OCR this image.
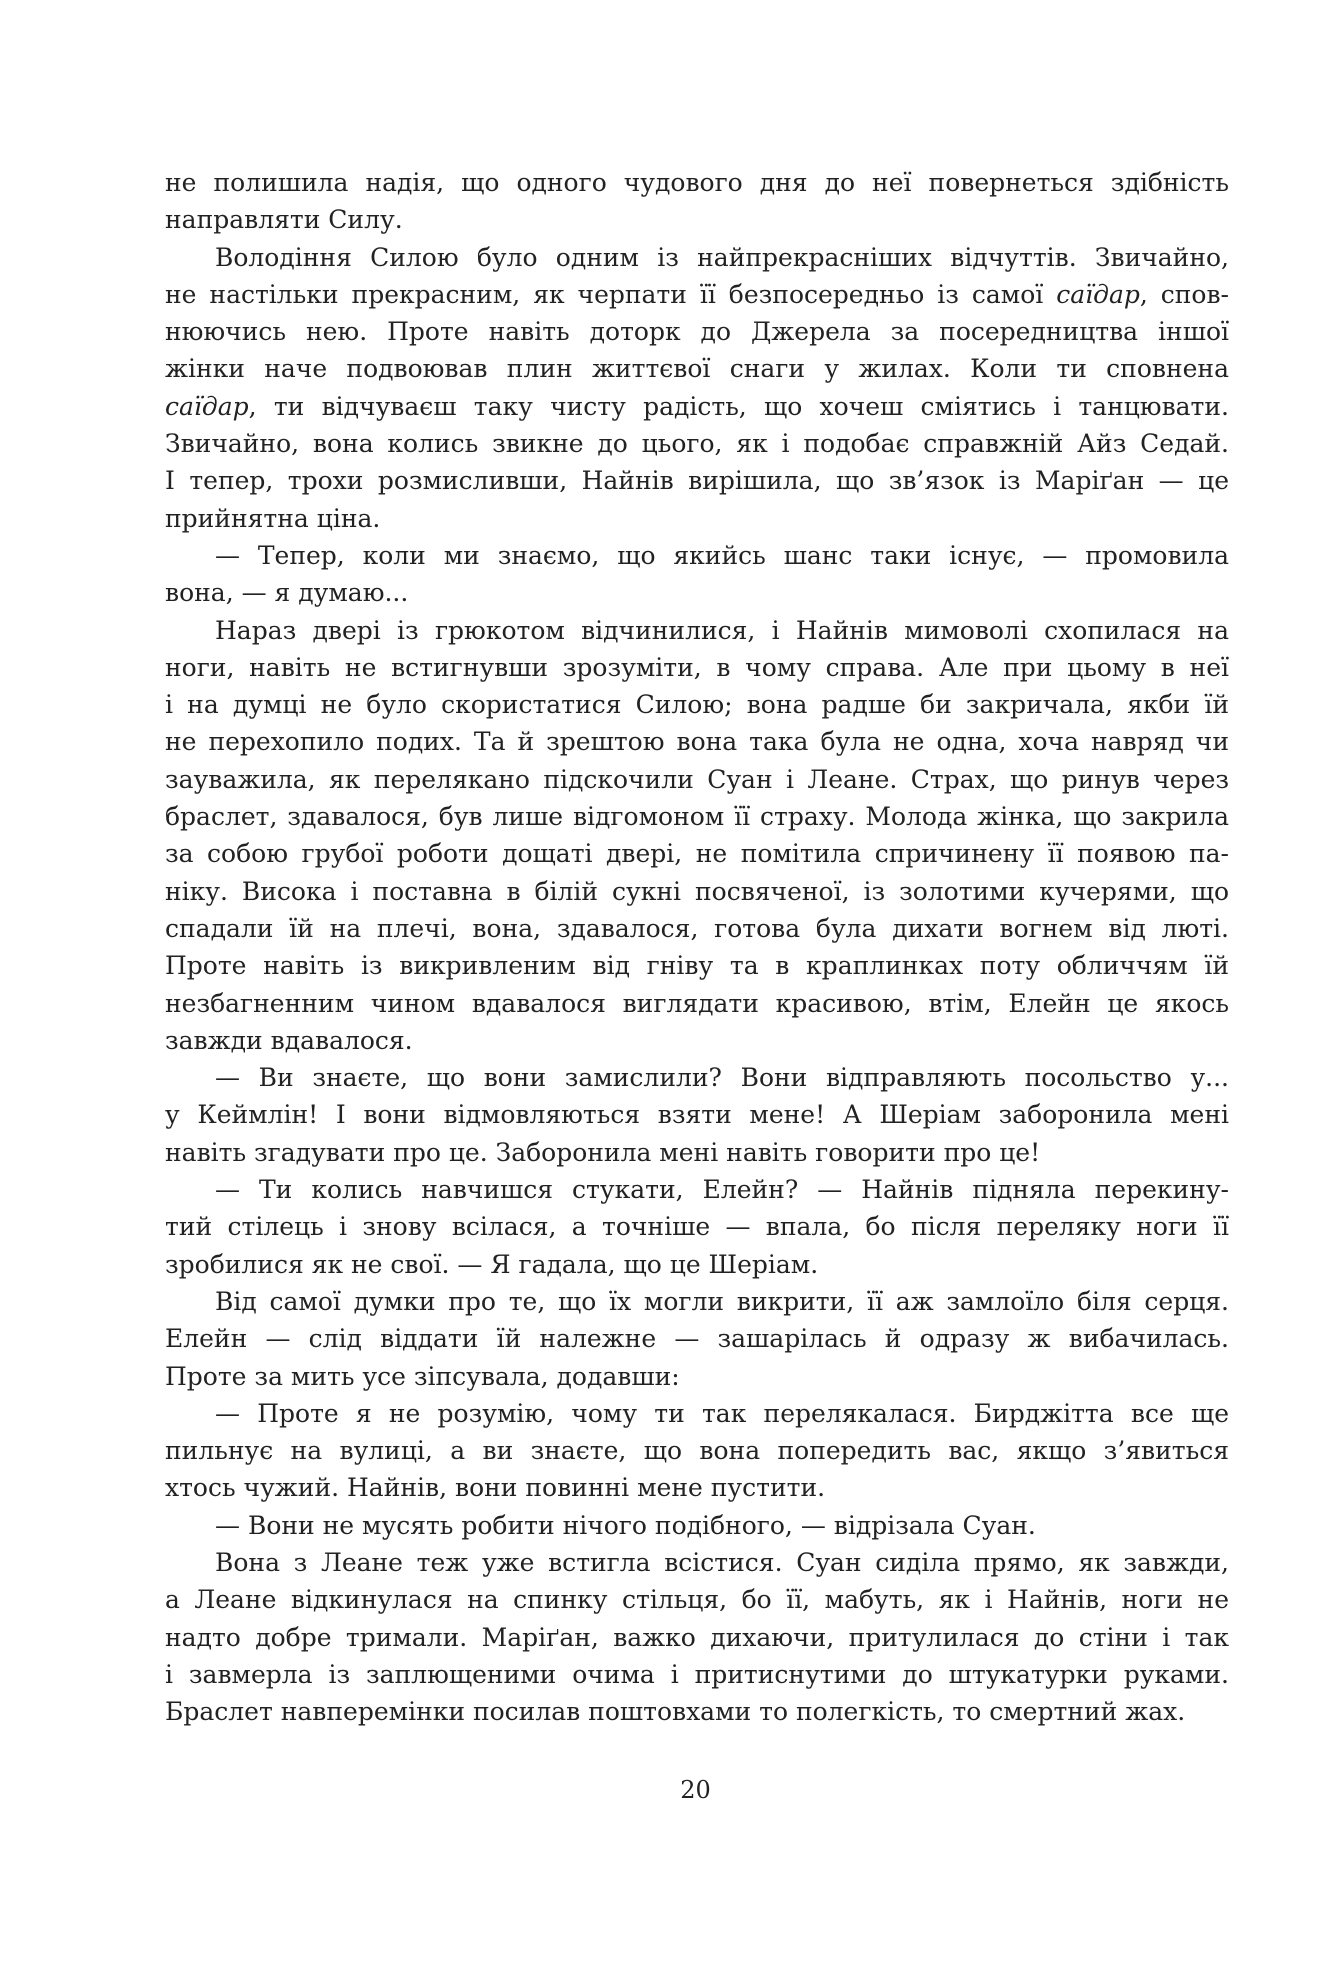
не полишила надія, що одного чудового дня до неї повернеться здібність
направляти Силу.
Володіння Силою було одним із найпрекрасніших відчуттів. Звичайно,
не настільки прекрасним, як черпати її безпосередньо із самої саїдар, спов-
нюючись нею. Проте навіть доторк до Джерела за посередництва іншої
жінки наче подвоював плин життєвої снаги у жилах. Коли ти сповнена
саїдар, ти відчуваєш таку чисту радість, що хочеш сміятись і танцювати.
Звичайно, вона колись звикне до цього, як і подобає справжній Айз Седай.
І тепер, трохи розмисливши, Найнів вирішила, що зв’язок із Маріґан — це
прийнятна ціна.
— Тепер, коли ми знаємо, що якийсь шанс таки існує, — промовила
вона, — я думаю...
Нараз двері із грюкотом відчинилися, і Найнів мимоволі схопилася на
ноги, навіть не встигнувши зрозуміти, в чому справа. Але при цьому в неї
і на думці не було скористатися Силою; вона радше би закричала, якби їй
не перехопило подих. Та й зрештою вона така була не одна, хоча навряд чи
зауважила, як перелякано підскочили Суан і Леане. Страх, що ринув через
браслет, здавалося, був лише відгомоном її страху. Молода жінка, що закрила
за собою грубої роботи дощаті двері, не помітила спричинену її появою па-
ніку. Висока і поставна в білій сукні посвяченої, із золотими кучерями, що
спадали їй на плечі, вона, здавалося, готова була дихати вогнем від люті.
Проте навіть із викривленим від гніву та в краплинках поту обличчям їй
незбагненним чином вдавалося виглядати красивою, втім, Елейн це якось
завжди вдавалося.
— Ви знаєте, що вони замислили? Вони відправляють посольство у...
у Кеймлін! І вони відмовляються взяти мене! А Шеріам заборонила мені
навіть згадувати про це. Заборонила мені навіть говорити про це!
— Ти колись навчишся стукати, Елейн? — Найнів підняла перекину-
тий стілець і знову всілася, а точніше — впала, бо після переляку ноги її
зробилися як не свої. — Я гадала, що це Шеріам.
Від самої думки про те, що їх могли викрити, її аж замлоїло біля серця.
Елейн — слід віддати їй належне — зашарілась й одразу ж вибачилась.
Проте за мить усе зіпсувала, додавши:
— Проте я не розумію, чому ти так перелякалася. Бирджітта все ще
пильнує на вулиці, а ви знаєте, що вона попередить вас, якщо з’явиться
хтось чужий. Найнів, вони повинні мене пустити.
— Вони не мусять робити нічого подібного, — відрізала Суан.
Вона з Леане теж уже встигла всістися. Суан сиділа прямо, як завжди,
а Леане відкинулася на спинку стільця, бо її, мабуть, як і Найнів, ноги не
надто добре тримали. Маріґан, важко дихаючи, притулилася до стіни і так
і завмерла із заплющеними очима і притиснутими до штукатурки руками.
Браслет навперемінки посилав поштовхами то полегкість, то смертний жах.
20
